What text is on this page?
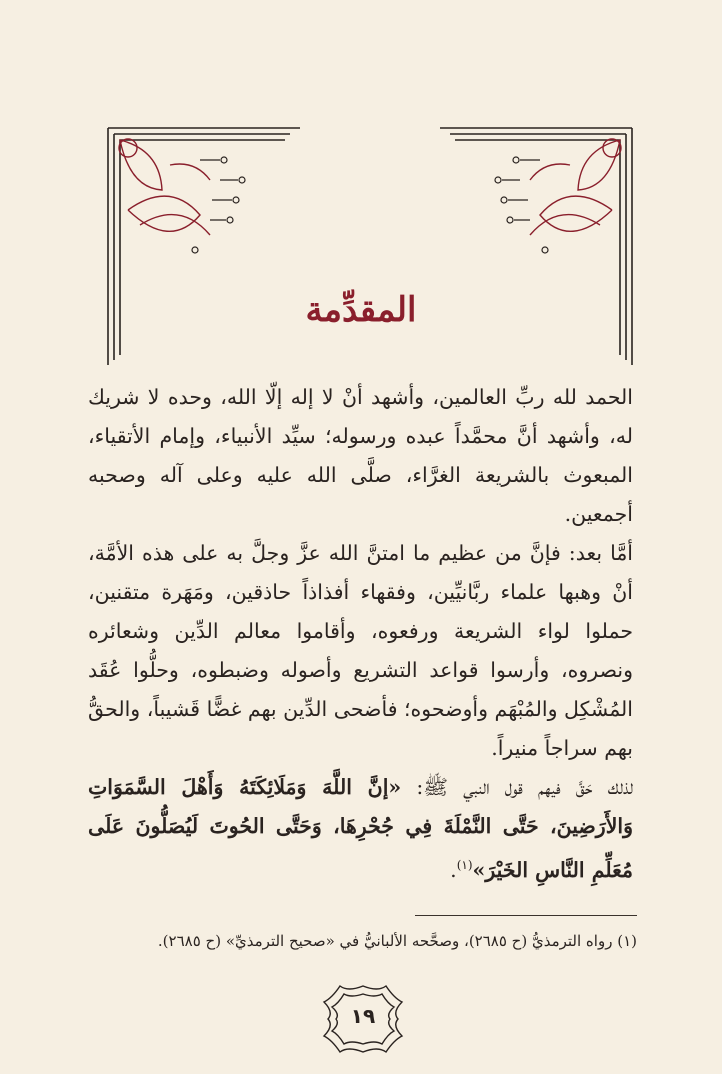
المقدِّمة

الحمد لله ربِّ العالمين، وأشهد أنْ لا إله إلّا الله، وحده لا شريك له، وأشهد أنَّ محمَّداً عبده ورسوله؛ سيِّد الأنبياء، وإمام الأتقياء، المبعوث بالشريعة الغرَّاء، صلَّى الله عليه وعلى آله وصحبه أجمعين.

أمَّا بعد: فإنَّ من عظيم ما امتنَّ الله عزَّ وجلَّ به على هذه الأمَّة، أنْ وهبها علماء ربَّانيِّين، وفقهاء أفذاذاً حاذقين، ومَهَرة متقنين، حملوا لواء الشريعة ورفعوه، وأقاموا معالم الدِّين وشعائره ونصروه، وأرسوا قواعد التشريع وأصوله وضبطوه، وحلُّوا عُقَد المُشْكِل والمُبْهَم وأوضحوه؛ فأضحى الدِّين بهم غضًّا قَشيباً، والحقُّ بهم سراجاً منيراً.

لذلك حَقَّ فيهم قول النبي ﷺ: «إنَّ اللَّهَ وَمَلَائِكَتَهُ وَأَهْلَ السَّمَوَاتِ وَالأَرَضِينَ، حَتَّى النَّمْلَةَ فِي جُحْرِهَا، وَحَتَّى الحُوتَ لَيُصَلُّونَ عَلَى مُعَلِّمِ النَّاسِ الخَيْرَ»$^{(١)}$.

(١) رواه الترمذيُّ (ح ٢٦٨٥)، وصحَّحه الألبانيُّ في «صحيح الترمذيِّ» (ح ٢٦٨٥).
١٩
